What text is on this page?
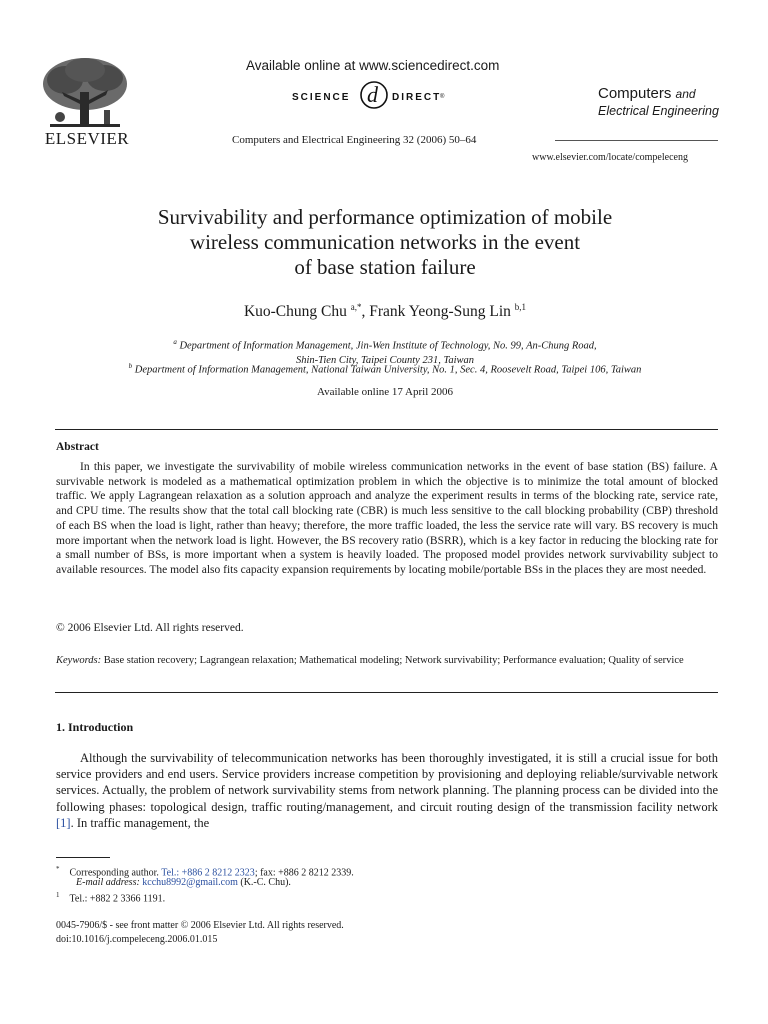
ELSEVIER
Available online at www.sciencedirect.com
SCIENCE d DIRECT
®
Computers and Electrical Engineering 32 (2006) 50–64
Computers and
Electrical Engineering
www.elsevier.com/locate/compeleceng
Survivability and performance optimization of mobile
wireless communication networks in the event
of base station failure
Kuo-Chung Chu $^{a,*}$, Frank Yeong-Sung Lin $^{b,1}$
$^a$ Department of Information Management, Jin-Wen Institute of Technology, No. 99, An-Chung Road,
Shin-Tien City, Taipei County 231, Taiwan
$^b$ Department of Information Management, National Taiwan University, No. 1, Sec. 4, Roosevelt Road, Taipei 106, Taiwan
Available online 17 April 2006
Abstract

In this paper, we investigate the survivability of mobile wireless communication networks in the event of base station (BS) failure. A survivable network is modeled as a mathematical optimization problem in which the objective is to minimize the total amount of blocked traffic. We apply Lagrangean relaxation as a solution approach and analyze the experiment results in terms of the blocking rate, service rate, and CPU time. The results show that the total call blocking rate (CBR) is much less sensitive to the call blocking probability (CBP) threshold of each BS when the load is light, rather than heavy; therefore, the more traffic loaded, the less the service rate will vary. BS recovery is much more important when the network load is light. However, the BS recovery ratio (BSRR), which is a key factor in reducing the blocking rate for a small number of BSs, is more important when a system is heavily loaded. The proposed model provides network survivability subject to available resources. The model also fits capacity expansion requirements by locating mobile/portable BSs in the places they are most needed.

© 2006 Elsevier Ltd. All rights reserved.
Keywords: Base station recovery; Lagrangean relaxation; Mathematical modeling; Network survivability; Performance evaluation; Quality of service
1. Introduction

Although the survivability of telecommunication networks has been thoroughly investigated, it is still a crucial issue for both service providers and end users. Service providers increase competition by provisioning and deploying reliable/survivable network services. Actually, the problem of network survivability stems from network planning. The planning process can be divided into the following phases: topological design, traffic routing/management, and circuit routing design of the transmission facility network [1]. In traffic management, the

* Corresponding author. Tel.: +886 2 8212 2323; fax: +886 2 8212 2339.
E-mail address: kcchu8992@gmail.com (K.-C. Chu).
$^1$ Tel.: +882 2 3366 1191.
0045-7906/$ - see front matter © 2006 Elsevier Ltd. All rights reserved.
doi:10.1016/j.compeleceng.2006.01.015
